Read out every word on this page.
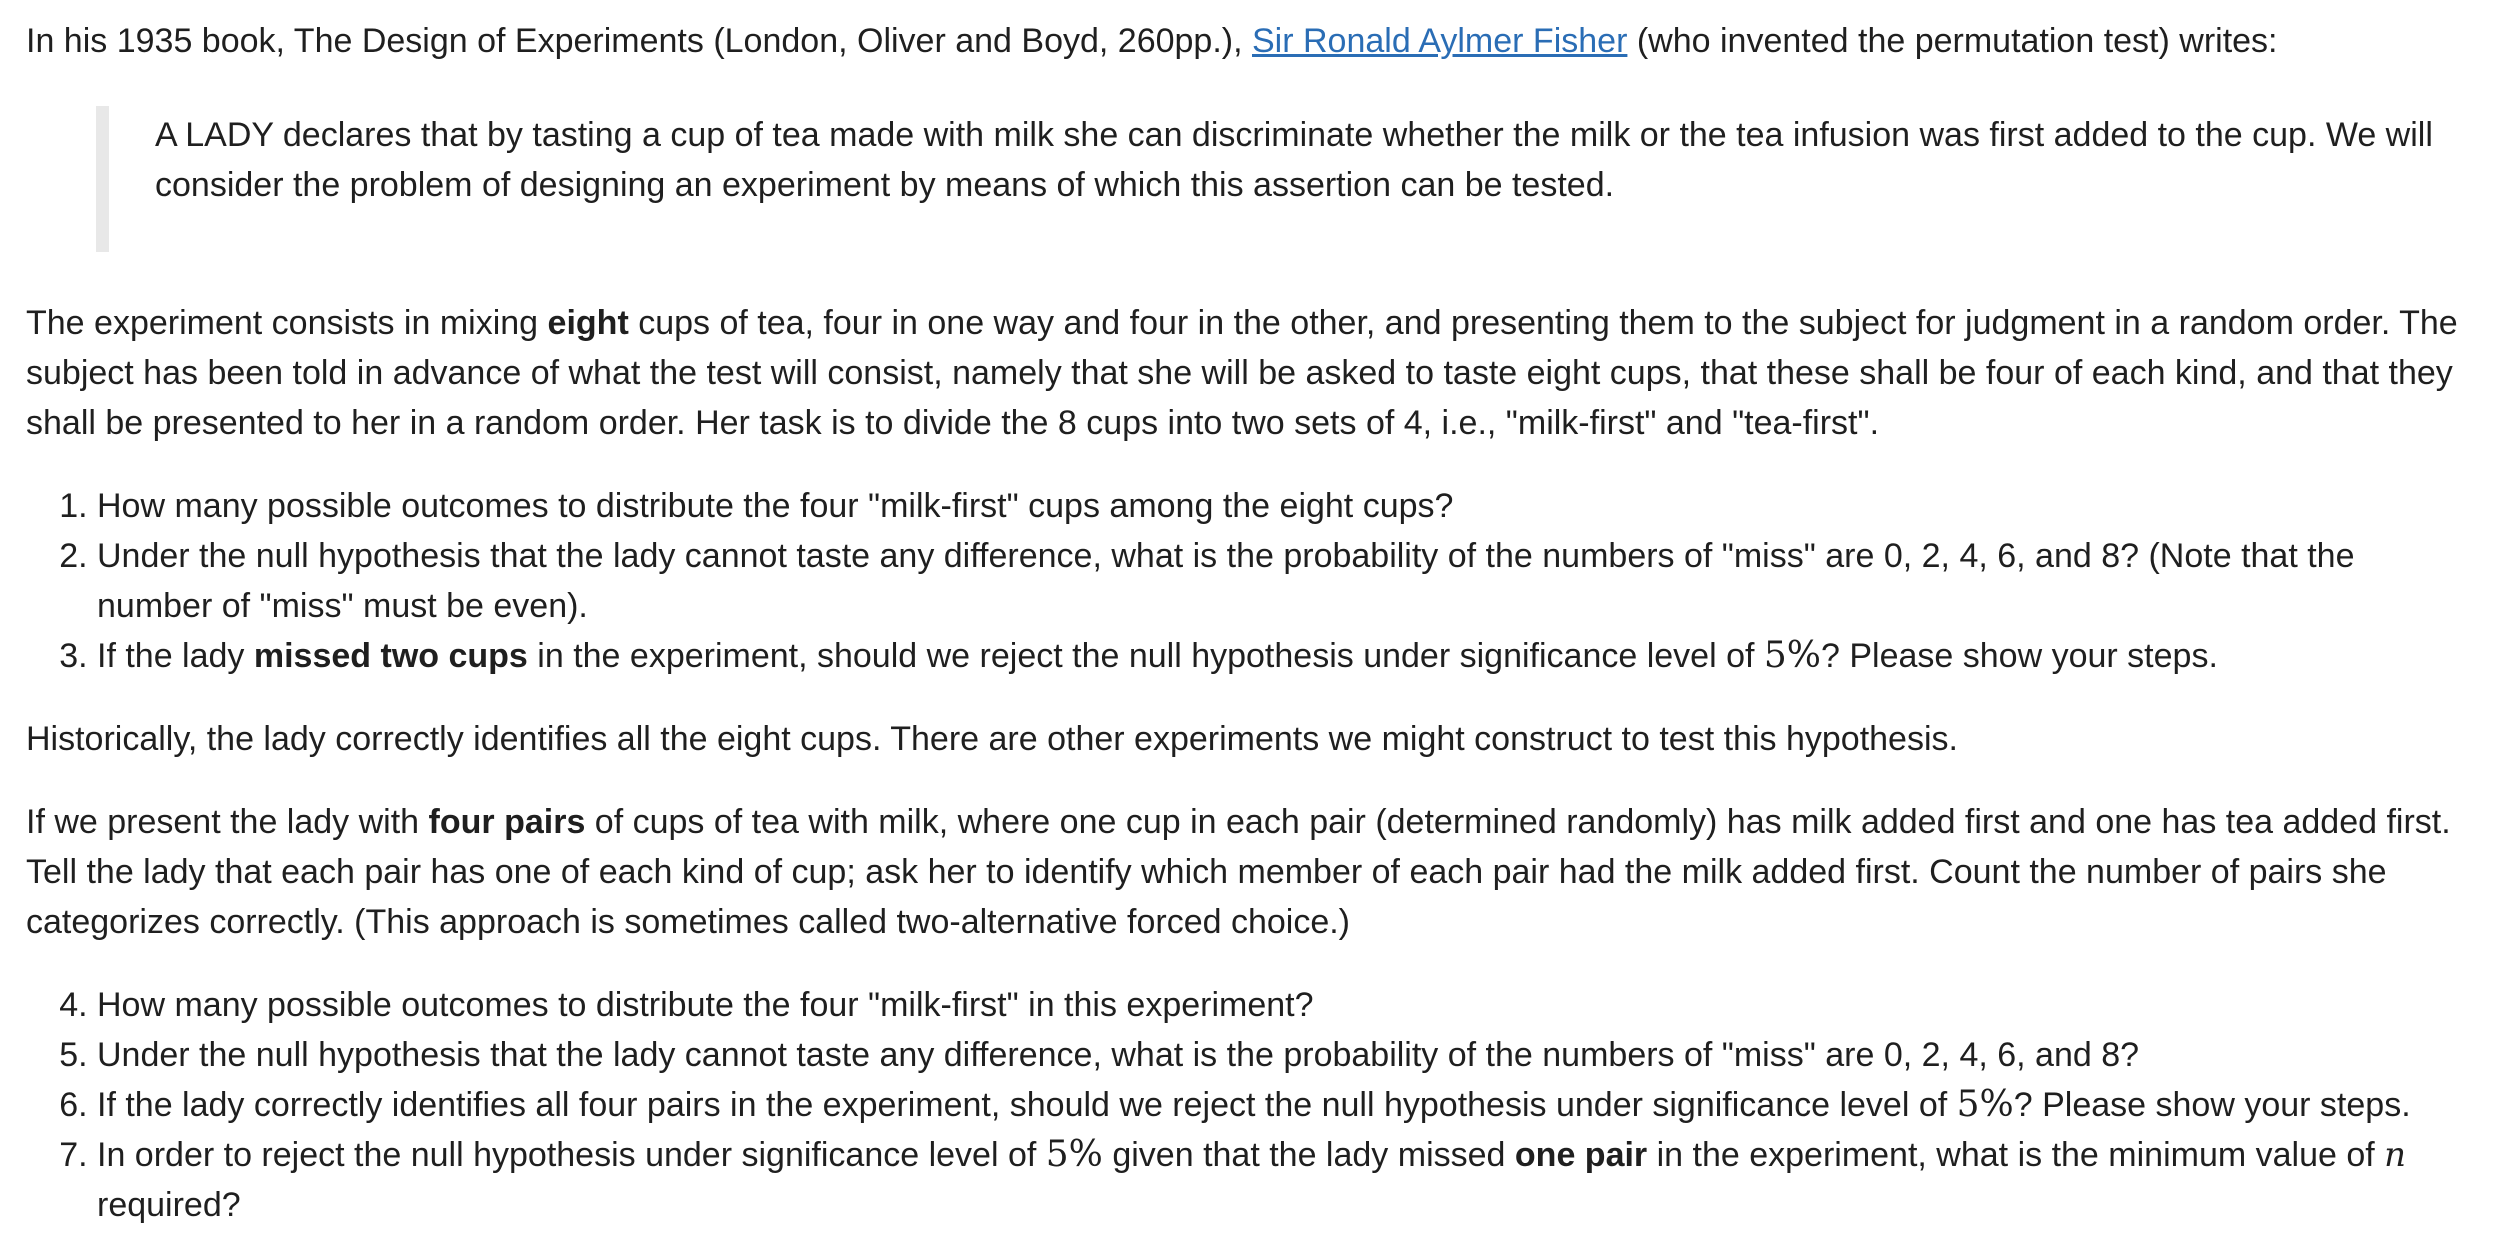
In his 1935 book, The Design of Experiments (London, Oliver and Boyd, 260pp.), Sir Ronald Aylmer Fisher (who invented the permutation test) writes:

A LADY declares that by tasting a cup of tea made with milk she can discriminate whether the milk or the tea infusion was first added to the cup. We will consider the problem of designing an experiment by means of which this assertion can be tested.

The experiment consists in mixing eight cups of tea, four in one way and four in the other, and presenting them to the subject for judgment in a random order. The subject has been told in advance of what the test will consist, namely that she will be asked to taste eight cups, that these shall be four of each kind, and that they shall be presented to her in a random order. Her task is to divide the 8 cups into two sets of 4, i.e., "milk-first" and "tea-first".

1. How many possible outcomes to distribute the four "milk-first" cups among the eight cups?
2. Under the null hypothesis that the lady cannot taste any difference, what is the probability of the numbers of "miss" are 0, 2, 4, 6, and 8? (Note that the number of "miss" must be even).
3. If the lady missed two cups in the experiment, should we reject the null hypothesis under significance level of 5%? Please show your steps.

Historically, the lady correctly identifies all the eight cups. There are other experiments we might construct to test this hypothesis.

If we present the lady with four pairs of cups of tea with milk, where one cup in each pair (determined randomly) has milk added first and one has tea added first. Tell the lady that each pair has one of each kind of cup; ask her to identify which member of each pair had the milk added first. Count the number of pairs she categorizes correctly. (This approach is sometimes called two-alternative forced choice.)

4. How many possible outcomes to distribute the four "milk-first" in this experiment?
5. Under the null hypothesis that the lady cannot taste any difference, what is the probability of the numbers of "miss" are 0, 2, 4, 6, and 8?
6. If the lady correctly identifies all four pairs in the experiment, should we reject the null hypothesis under significance level of 5%? Please show your steps.
7. In order to reject the null hypothesis under significance level of 5% given that the lady missed one pair in the experiment, what is the minimum value of n required?
